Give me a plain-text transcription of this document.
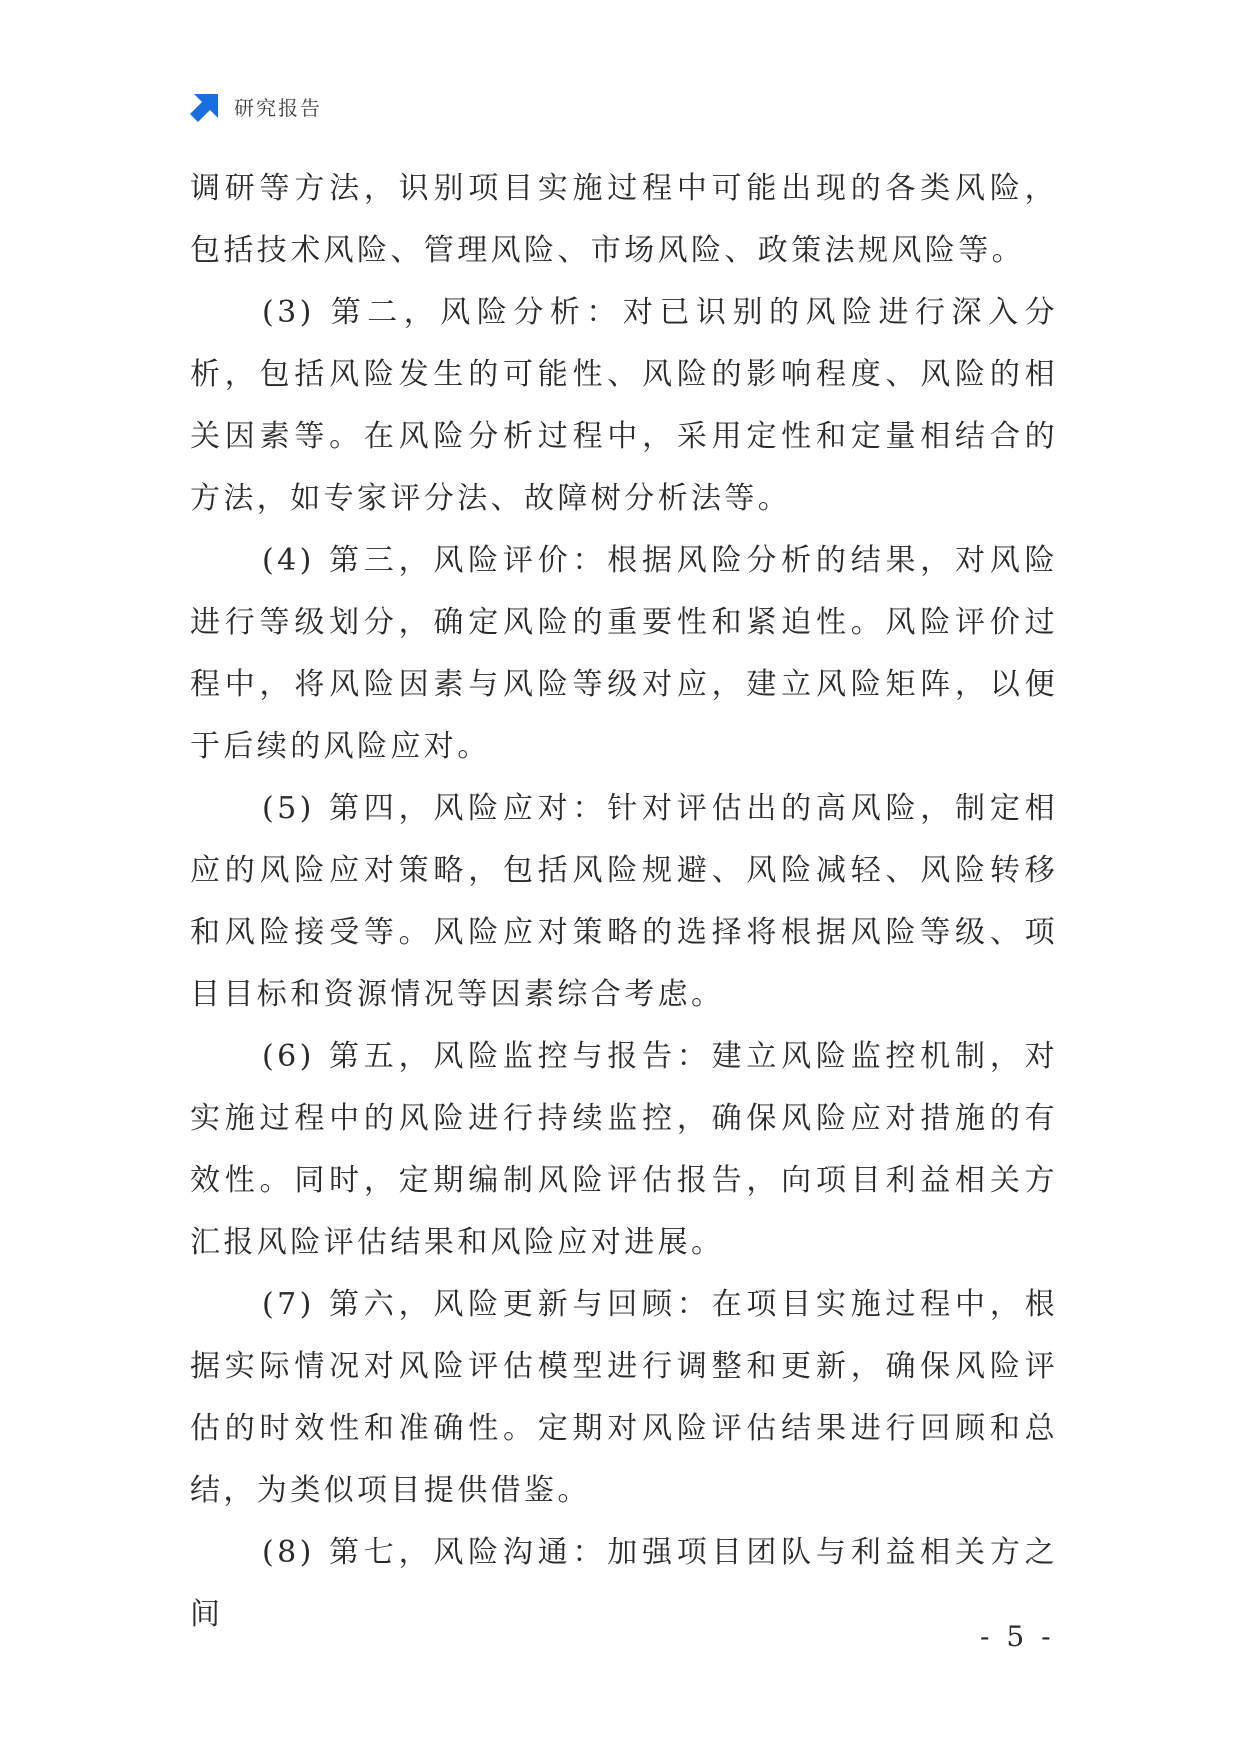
研究报告

调研等方法，识别项目实施过程中可能出现的各类风险，包括技术风险、管理风险、市场风险、政策法规风险等。

(3) 第二，风险分析：对已识别的风险进行深入分析，包括风险发生的可能性、风险的影响程度、风险的相关因素等。在风险分析过程中，采用定性和定量相结合的方法，如专家评分法、故障树分析法等。

(4) 第三，风险评价：根据风险分析的结果，对风险进行等级划分，确定风险的重要性和紧迫性。风险评价过程中，将风险因素与风险等级对应，建立风险矩阵，以便于后续的风险应对。

(5) 第四，风险应对：针对评估出的高风险，制定相应的风险应对策略，包括风险规避、风险减轻、风险转移和风险接受等。风险应对策略的选择将根据风险等级、项目目标和资源情况等因素综合考虑。

(6) 第五，风险监控与报告：建立风险监控机制，对实施过程中的风险进行持续监控，确保风险应对措施的有效性。同时，定期编制风险评估报告，向项目利益相关方汇报风险评估结果和风险应对进展。

(7) 第六，风险更新与回顾：在项目实施过程中，根据实际情况对风险评估模型进行调整和更新，确保风险评估的时效性和准确性。定期对风险评估结果进行回顾和总结，为类似项目提供借鉴。

(8) 第七，风险沟通：加强项目团队与利益相关方之间

- 5 -
